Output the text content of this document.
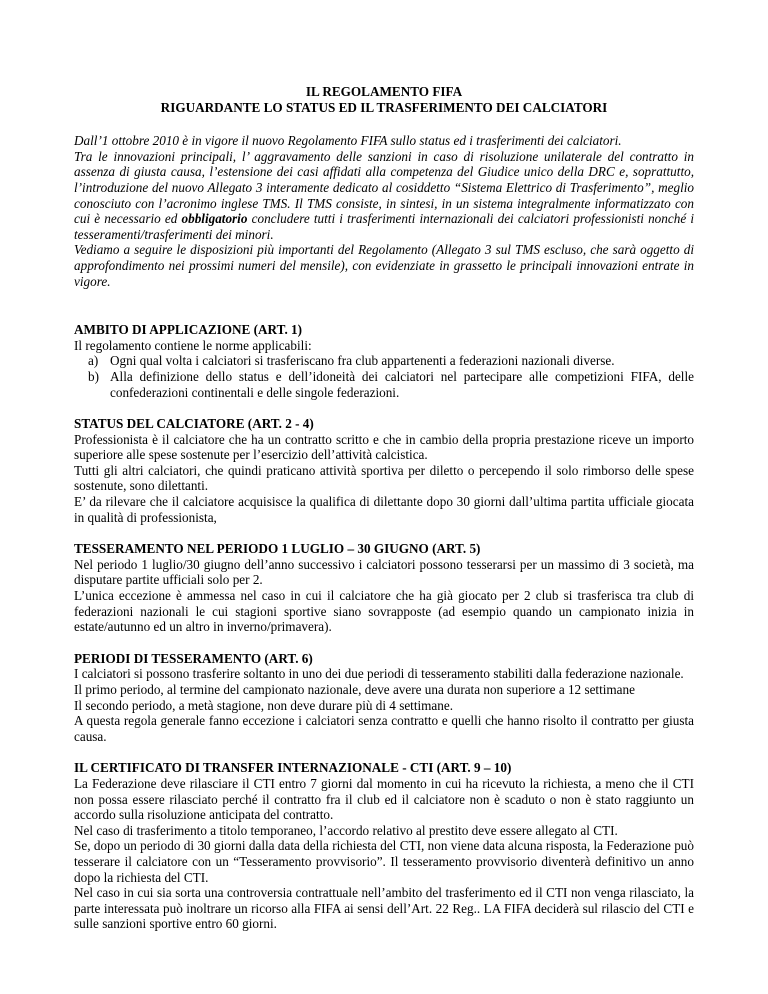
IL REGOLAMENTO FIFA

RIGUARDANTE LO STATUS ED IL TRASFERIMENTO DEI CALCIATORI

Dall’1 ottobre 2010 è in vigore il nuovo Regolamento FIFA sullo status ed i trasferimenti dei calciatori.

Tra le innovazioni principali, l’ aggravamento delle sanzioni in caso di risoluzione unilaterale del contratto in assenza di giusta causa, l’estensione dei casi affidati alla competenza del Giudice unico della DRC e, soprattutto, l’introduzione del nuovo Allegato 3 interamente dedicato al cosiddetto “Sistema Elettrico di Trasferimento”, meglio conosciuto con l’acronimo inglese TMS. Il TMS consiste, in sintesi, in un sistema integralmente informatizzato con cui è necessario ed obbligatorio concludere tutti i trasferimenti internazionali dei calciatori professionisti nonché i tesseramenti/trasferimenti dei minori.

Vediamo a seguire le disposizioni più importanti del Regolamento (Allegato 3 sul TMS escluso, che sarà oggetto di approfondimento nei prossimi numeri del mensile), con evidenziate in grassetto le principali innovazioni entrate in vigore.

AMBITO DI APPLICAZIONE (ART. 1)

Il regolamento contiene le norme applicabili:

a) Ogni qual volta i calciatori si trasferiscano fra club appartenenti a federazioni nazionali diverse.
b) Alla definizione dello status e dell’idoneità dei calciatori nel partecipare alle competizioni FIFA, delle confederazioni continentali e delle singole federazioni.

STATUS DEL CALCIATORE (ART. 2 - 4)

Professionista è il calciatore che ha un contratto scritto e che in cambio della propria prestazione riceve un importo superiore alle spese sostenute per l’esercizio dell’attività calcistica.

Tutti gli altri calciatori, che quindi praticano attività sportiva per diletto o percependo il solo rimborso delle spese sostenute, sono dilettanti.

E’ da rilevare che il calciatore acquisisce la qualifica di dilettante dopo 30 giorni dall’ultima partita ufficiale giocata in qualità di professionista,

TESSERAMENTO NEL PERIODO 1 LUGLIO – 30 GIUGNO (ART. 5)

Nel periodo 1 luglio/30 giugno dell’anno successivo i calciatori possono tesserarsi per un massimo di 3 società, ma disputare partite ufficiali solo per 2.

L’unica eccezione è ammessa nel caso in cui il calciatore che ha già giocato per 2 club si trasferisca tra club di federazioni nazionali le cui stagioni sportive siano sovrapposte (ad esempio quando un campionato inizia in estate/autunno ed un altro in inverno/primavera).

PERIODI DI TESSERAMENTO (ART. 6)

I calciatori si possono trasferire soltanto in uno dei due periodi di tesseramento stabiliti dalla federazione nazionale.

Il primo periodo, al termine del campionato nazionale, deve avere una durata non superiore a 12 settimane

Il secondo periodo, a metà stagione, non deve durare più di 4 settimane.

A questa regola generale fanno eccezione i calciatori senza contratto e quelli che hanno risolto il contratto per giusta causa.

IL CERTIFICATO DI TRANSFER INTERNAZIONALE - CTI (ART. 9 – 10)

La Federazione deve rilasciare il CTI entro 7 giorni dal momento in cui ha ricevuto la richiesta, a meno che il CTI non possa essere rilasciato perché il contratto fra il club ed il calciatore non è scaduto o non è stato raggiunto un accordo sulla risoluzione anticipata del contratto.

Nel caso di trasferimento a titolo temporaneo, l’accordo relativo al prestito deve essere allegato al CTI.

Se, dopo un periodo di 30 giorni dalla data della richiesta del CTI, non viene data alcuna risposta, la Federazione può tesserare il calciatore con un “Tesseramento provvisorio”. Il tesseramento provvisorio diventerà definitivo un anno dopo la richiesta del CTI.

Nel caso in cui sia sorta una controversia contrattuale nell’ambito del trasferimento ed il CTI non venga rilasciato, la parte interessata può inoltrare un ricorso alla FIFA ai sensi dell’Art. 22 Reg.. LA FIFA deciderà sul rilascio del CTI e sulle sanzioni sportive entro 60 giorni.
